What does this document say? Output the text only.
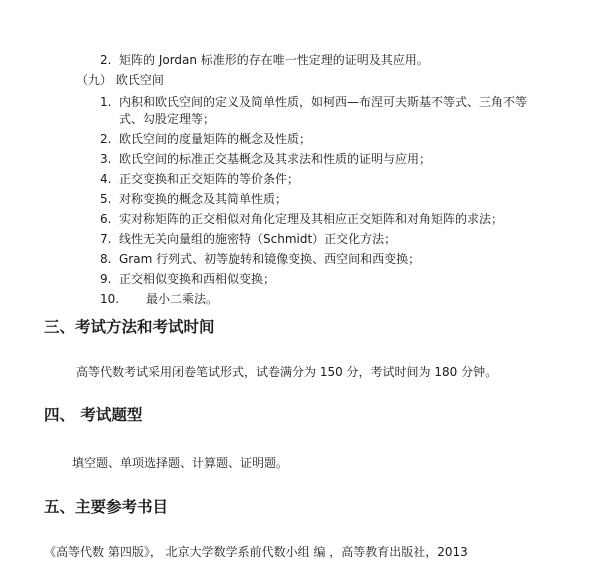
2. 矩阵的 Jordan 标准形的存在唯一性定理的证明及其应用。
（九） 欧氏空间
1. 内积和欧氏空间的定义及简单性质，如柯西—布涅可夫斯基不等式、三角不等
式、勾股定理等；
2. 欧氏空间的度量矩阵的概念及性质；
3. 欧氏空间的标准正交基概念及其求法和性质的证明与应用；
4. 正交变换和正交矩阵的等价条件；
5. 对称变换的概念及其简单性质；
6. 实对称矩阵的正交相似对角化定理及其相应正交矩阵和对角矩阵的求法；
7. 线性无关向量组的施密特（Schmidt）正交化方法；
8. Gram 行列式、初等旋转和镜像变换、西空间和西变换；
9. 正交相似变换和西相似变换；
10. 最小二乘法。
三、考试方法和考试时间
高等代数考试采用闭卷笔试形式，试卷满分为 150 分，考试时间为 180 分钟。
四、 考试题型
填空题、单项选择题、计算题、证明题。
五、主要参考书目
《高等代数 第四版》， 北京大学数学系前代数小组 编 ，高等教育出版社，2013
